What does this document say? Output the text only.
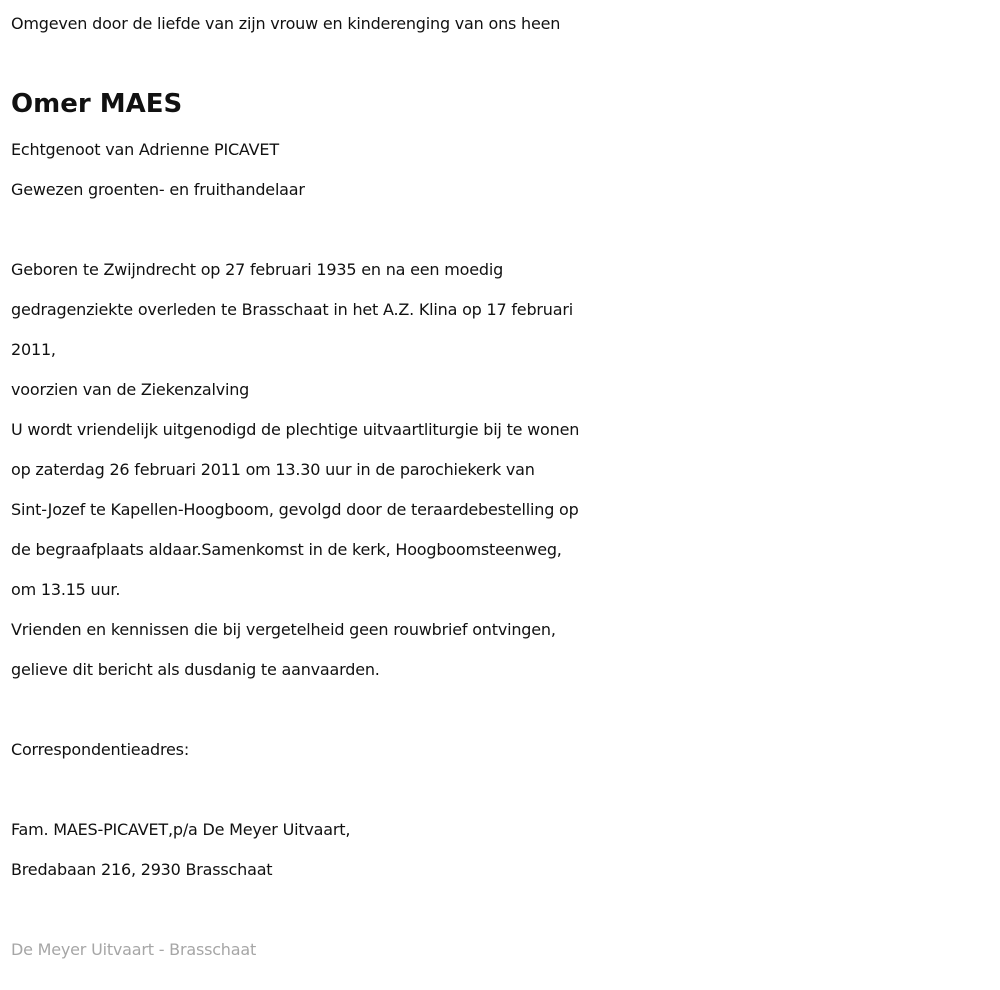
Omgeven door de liefde van zijn vrouw en kinderenging van ons heen

Omer MAES

Echtgenoot van Adrienne PICAVET

Gewezen groenten- en fruithandelaar

Geboren te Zwijndrecht op 27 februari 1935 en na een moedig

gedragenziekte overleden te Brasschaat in het A.Z. Klina op 17 februari

2011,

voorzien van de Ziekenzalving

U wordt vriendelijk uitgenodigd de plechtige uitvaartliturgie bij te wonen

op zaterdag 26 februari 2011 om 13.30 uur in de parochiekerk van

Sint-Jozef te Kapellen-Hoogboom, gevolgd door de teraardebestelling op

de begraafplaats aldaar.Samenkomst in de kerk, Hoogboomsteenweg,

om 13.15 uur.

Vrienden en kennissen die bij vergetelheid geen rouwbrief ontvingen,

gelieve dit bericht als dusdanig te aanvaarden.

Correspondentieadres:

Fam. MAES-PICAVET,p/a De Meyer Uitvaart,

Bredabaan 216, 2930 Brasschaat

De Meyer Uitvaart - Brasschaat
